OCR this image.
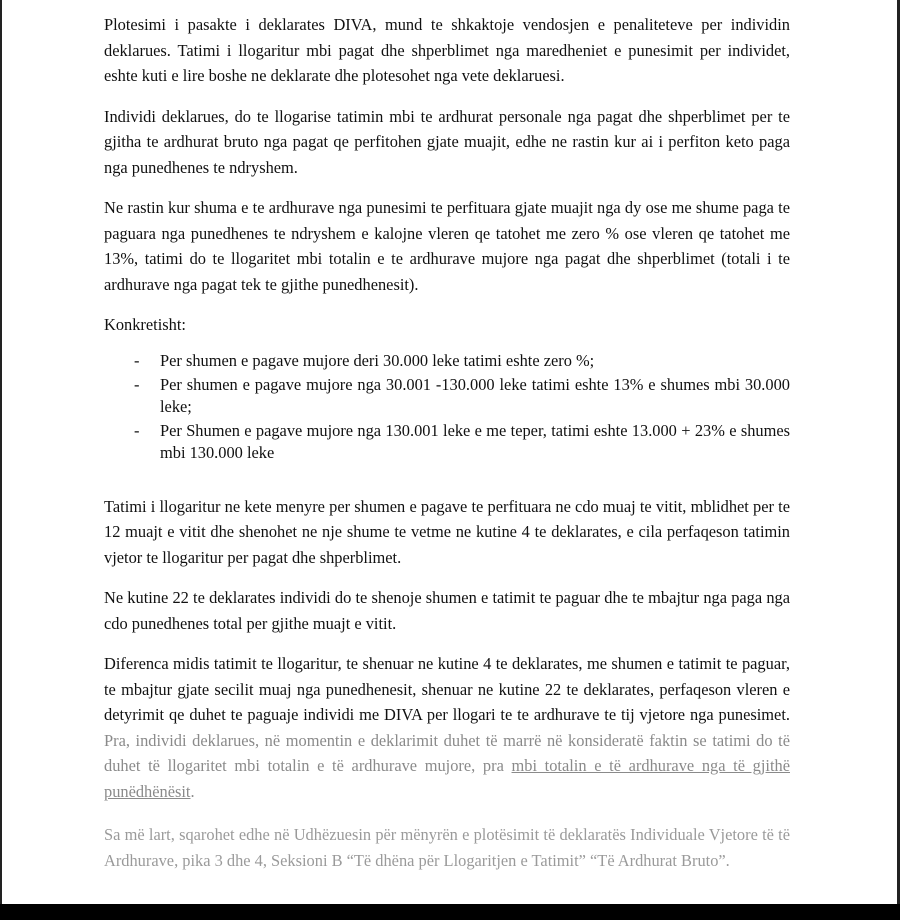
Plotesimi i pasakte i deklarates DIVA, mund te shkaktoje vendosjen e penaliteteve per individin deklarues. Tatimi i llogaritur mbi pagat dhe shperblimet nga maredheniet e punesimit per individet, eshte kuti e lire boshe ne deklarate dhe plotesohet nga vete deklaruesi.

Individi deklarues, do te llogarise tatimin mbi te ardhurat personale nga pagat dhe shperblimet per te gjitha te ardhurat bruto nga pagat qe perfitohen gjate muajit, edhe ne rastin kur ai i perfiton keto paga nga punedhenes te ndryshem.

Ne rastin kur shuma e te ardhurave nga punesimi te perfituara gjate muajit nga dy ose me shume paga te paguara nga punedhenes te ndryshem e kalojne vleren qe tatohet me zero % ose vleren qe tatohet me 13%, tatimi do te llogaritet mbi totalin e te ardhurave mujore nga pagat dhe shperblimet (totali i te ardhurave nga pagat tek te gjithe punedhenesit).

Konkretisht:

- Per shumen e pagave mujore deri 30.000 leke tatimi eshte zero %;
- Per shumen e pagave mujore nga 30.001 -130.000 leke tatimi eshte 13% e shumes mbi 30.000 leke;
- Per Shumen e pagave mujore nga 130.001 leke e me teper, tatimi eshte 13.000 + 23% e shumes mbi 130.000 leke

Tatimi i llogaritur ne kete menyre per shumen e pagave te perfituara ne cdo muaj te vitit, mblidhet per te 12 muajt e vitit dhe shenohet ne nje shume te vetme ne kutine 4 te deklarates, e cila perfaqeson tatimin vjetor te llogaritur per pagat dhe shperblimet.

Ne kutine 22 te deklarates individi do te shenoje shumen e tatimit te paguar dhe te mbajtur nga paga nga cdo punedhenes total per gjithe muajt e vitit.

Diferenca midis tatimit te llogaritur, te shenuar ne kutine 4 te deklarates, me shumen e tatimit te paguar, te mbajtur gjate secilit muaj nga punedhenesit, shenuar ne kutine 22 te deklarates, perfaqeson vleren e detyrimit qe duhet te paguaje individi me DIVA per llogari te te ardhurave te tij vjetore nga punesimet. Pra, individi deklarues, në momentin e deklarimit duhet të marrë në konsideratë faktin se tatimi do të duhet të llogaritet mbi totalin e të ardhurave mujore, pra mbi totalin e të ardhurave nga të gjithë punëdhënësit.

Sa më lart, sqarohet edhe në Udhëzuesin për mënyrën e plotësimit të deklaratës Individuale Vjetore të të Ardhurave, pika 3 dhe 4, Seksioni B “Të dhëna për Llogaritjen e Tatimit” “Të Ardhurat Bruto”.
